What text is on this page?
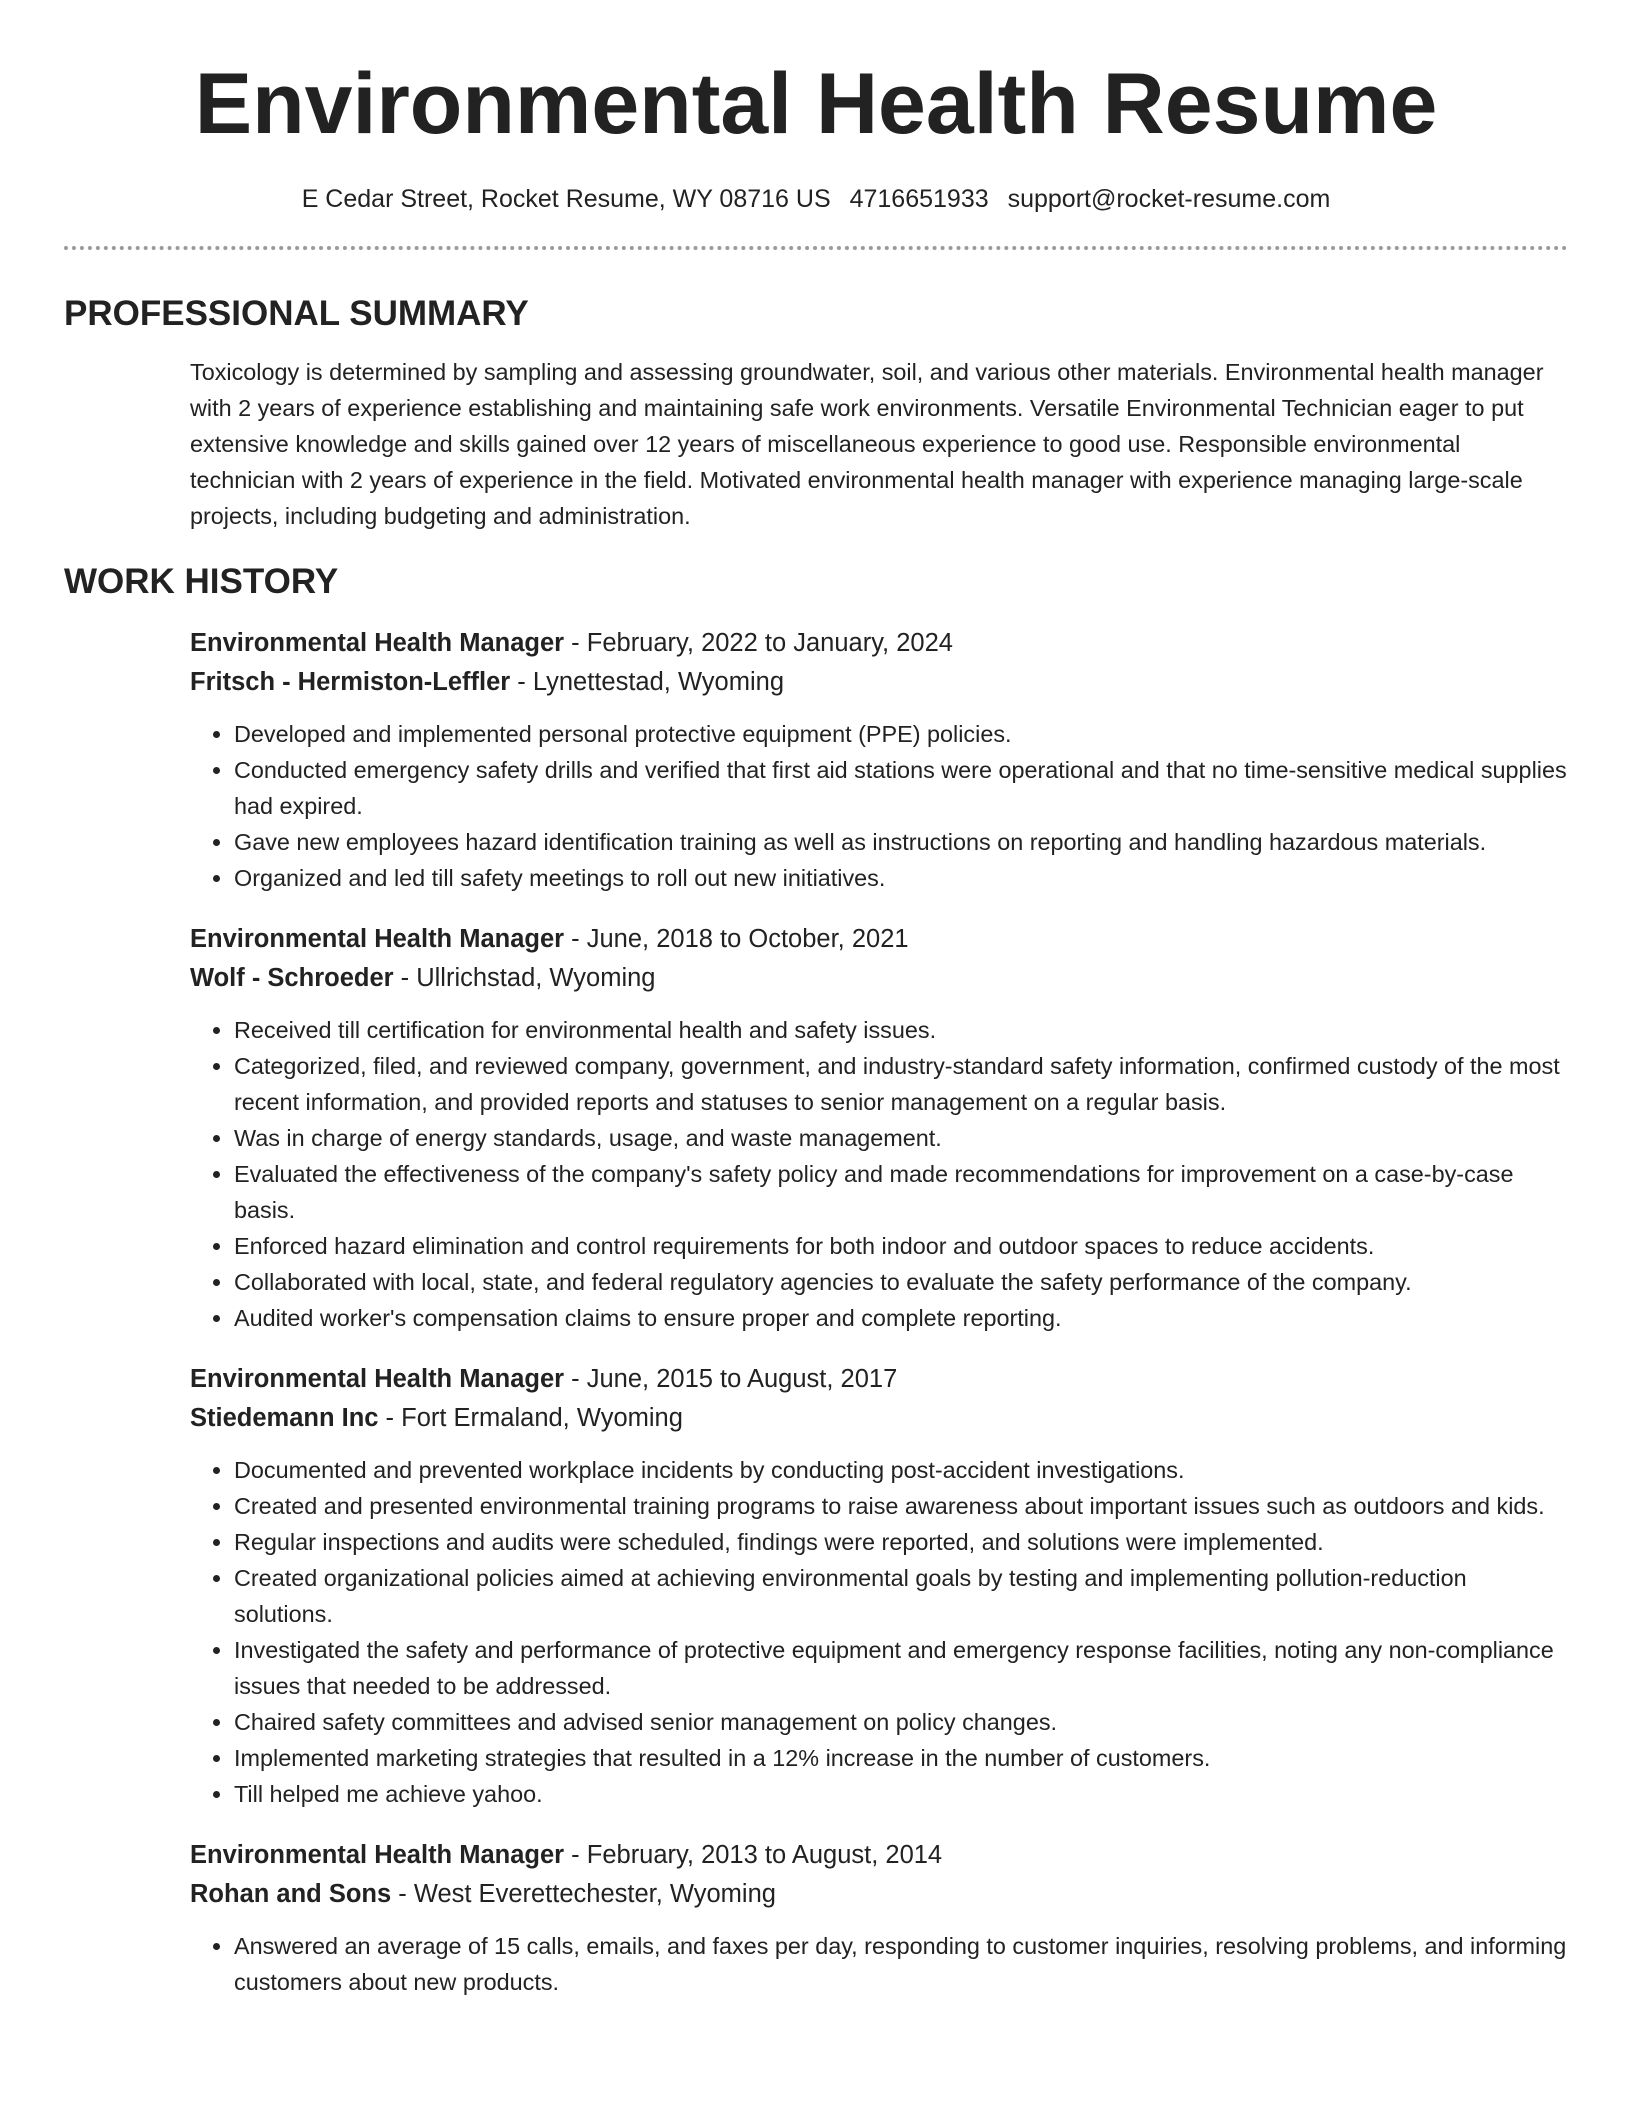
Environmental Health Resume
E Cedar Street, Rocket Resume, WY 08716 US 4716651933 support@rocket-resume.com
PROFESSIONAL SUMMARY

Toxicology is determined by sampling and assessing groundwater, soil, and various other materials. Environmental health manager with 2 years of experience establishing and maintaining safe work environments. Versatile Environmental Technician eager to put extensive knowledge and skills gained over 12 years of miscellaneous experience to good use. Responsible environmental technician with 2 years of experience in the field. Motivated environmental health manager with experience managing large-scale projects, including budgeting and administration.

WORK HISTORY
Environmental Health Manager - February, 2022 to January, 2024
Fritsch - Hermiston-Leffler - Lynettestad, Wyoming
• Developed and implemented personal protective equipment (PPE) policies.
• Conducted emergency safety drills and verified that first aid stations were operational and that no time-sensitive medical supplies had expired.
• Gave new employees hazard identification training as well as instructions on reporting and handling hazardous materials.
• Organized and led till safety meetings to roll out new initiatives.
Environmental Health Manager - June, 2018 to October, 2021
Wolf - Schroeder - Ullrichstad, Wyoming
• Received till certification for environmental health and safety issues.
• Categorized, filed, and reviewed company, government, and industry-standard safety information, confirmed custody of the most recent information, and provided reports and statuses to senior management on a regular basis.
• Was in charge of energy standards, usage, and waste management.
• Evaluated the effectiveness of the company's safety policy and made recommendations for improvement on a case-by-case basis.
• Enforced hazard elimination and control requirements for both indoor and outdoor spaces to reduce accidents.
• Collaborated with local, state, and federal regulatory agencies to evaluate the safety performance of the company.
• Audited worker's compensation claims to ensure proper and complete reporting.
Environmental Health Manager - June, 2015 to August, 2017
Stiedemann Inc - Fort Ermaland, Wyoming
• Documented and prevented workplace incidents by conducting post-accident investigations.
• Created and presented environmental training programs to raise awareness about important issues such as outdoors and kids.
• Regular inspections and audits were scheduled, findings were reported, and solutions were implemented.
• Created organizational policies aimed at achieving environmental goals by testing and implementing pollution-reduction solutions.
• Investigated the safety and performance of protective equipment and emergency response facilities, noting any non-compliance issues that needed to be addressed.
• Chaired safety committees and advised senior management on policy changes.
• Implemented marketing strategies that resulted in a 12% increase in the number of customers.
• Till helped me achieve yahoo.
Environmental Health Manager - February, 2013 to August, 2014
Rohan and Sons - West Everettechester, Wyoming
• Answered an average of 15 calls, emails, and faxes per day, responding to customer inquiries, resolving problems, and informing customers about new products.
